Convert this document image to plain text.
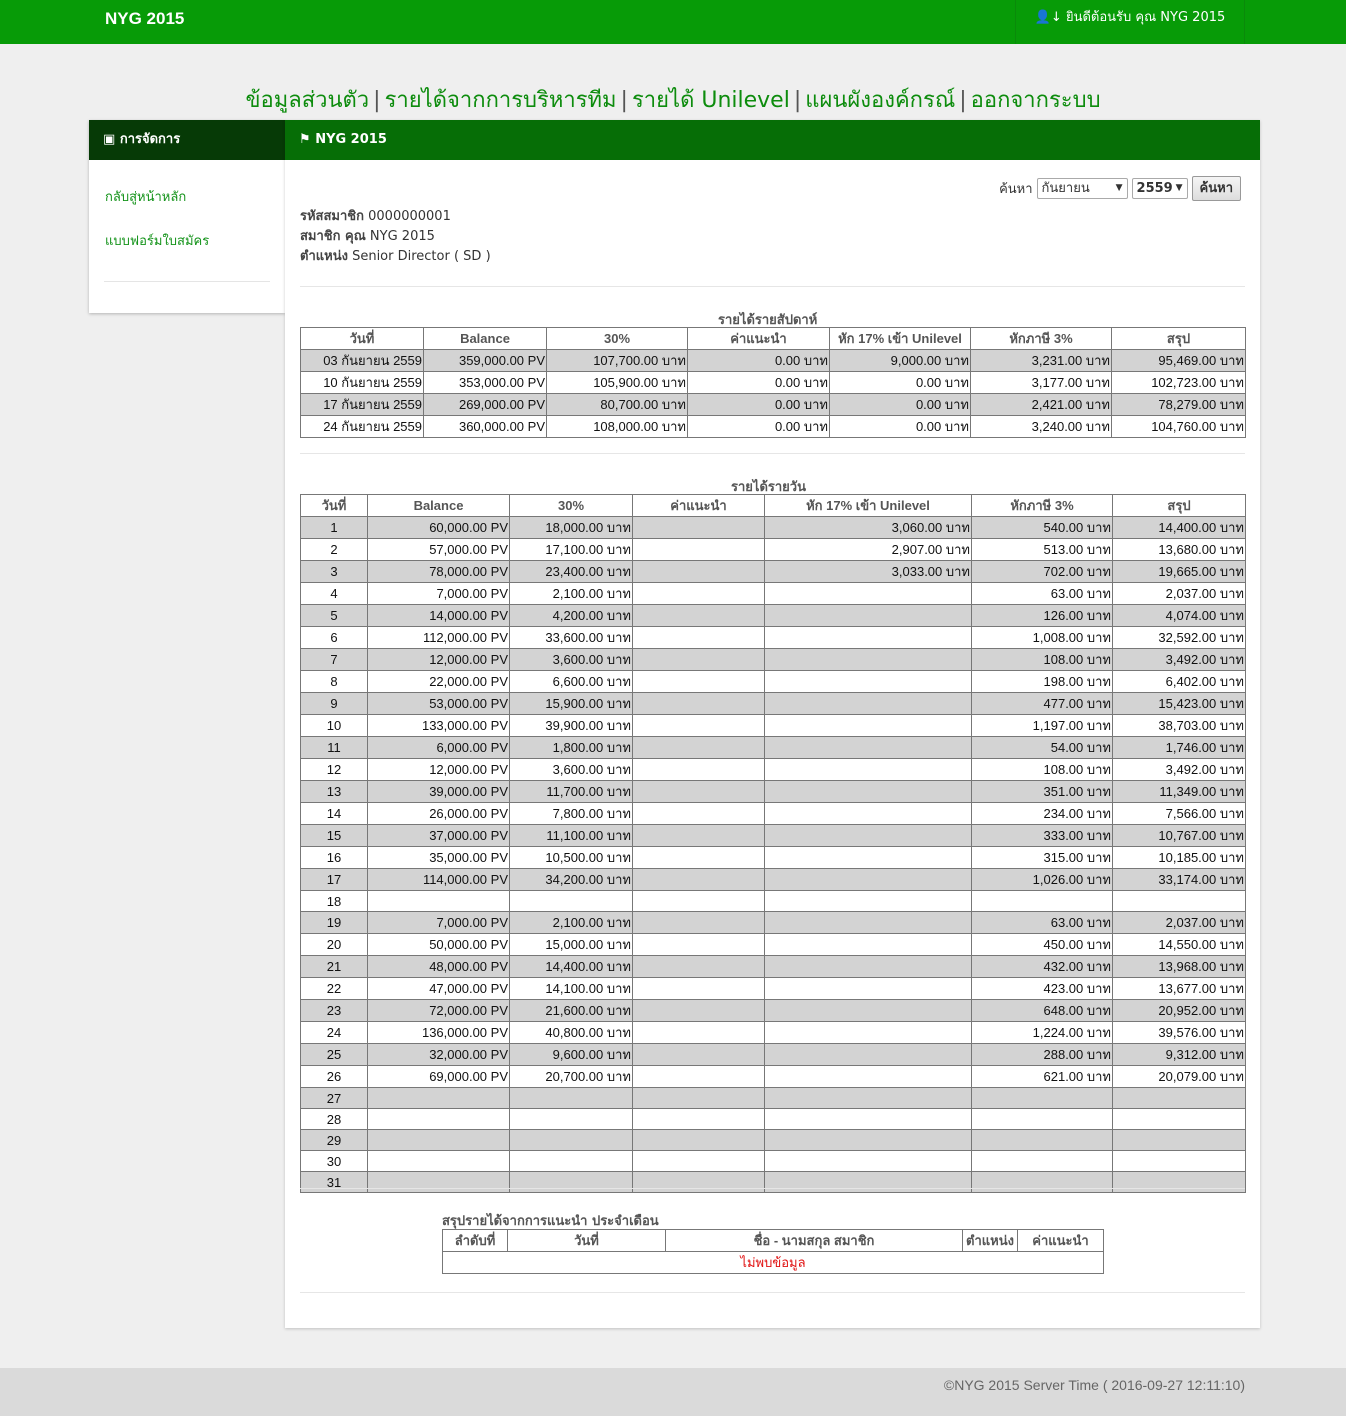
NYG 2015	👤↓ ยินดีต้อนรับ คุณ NYG 2015
ข้อมูลส่วนตัว | รายได้จากการบริหารทีม | รายได้ Unilevel | แผนผังองค์กรณ์ | ออกจากระบบ
▣ การจัดการ
กลับสู่หน้าหลัก
แบบฟอร์มใบสมัคร
⚑ NYG 2015
ค้นหา กันยายน	▼	2559 ▼	ค้นหา
รหัสสมาชิก 0000000001
สมาชิก คุณ NYG 2015
ตำแหน่ง Senior Director ( SD )
รายได้รายสัปดาห์
วันที่	Balance	30%	ค่าแนะนำ	หัก 17% เข้า Unilevel	หักภาษี 3%	สรุป
03 กันยายน 2559	359,000.00 PV	107,700.00 บาท	0.00 บาท	9,000.00 บาท	3,231.00 บาท	95,469.00 บาท
10 กันยายน 2559	353,000.00 PV	105,900.00 บาท	0.00 บาท	0.00 บาท	3,177.00 บาท	102,723.00 บาท
17 กันยายน 2559	269,000.00 PV	80,700.00 บาท	0.00 บาท	0.00 บาท	2,421.00 บาท	78,279.00 บาท
24 กันยายน 2559	360,000.00 PV	108,000.00 บาท	0.00 บาท	0.00 บาท	3,240.00 บาท	104,760.00 บาท
รายได้รายวัน
วันที่	Balance	30%	ค่าแนะนำ	หัก 17% เข้า Unilevel	หักภาษี 3%	สรุป
1	60,000.00 PV	18,000.00 บาท		3,060.00 บาท	540.00 บาท	14,400.00 บาท
2	57,000.00 PV	17,100.00 บาท		2,907.00 บาท	513.00 บาท	13,680.00 บาท
3	78,000.00 PV	23,400.00 บาท		3,033.00 บาท	702.00 บาท	19,665.00 บาท
4	7,000.00 PV	2,100.00 บาท			63.00 บาท	2,037.00 บาท
5	14,000.00 PV	4,200.00 บาท			126.00 บาท	4,074.00 บาท
6	112,000.00 PV	33,600.00 บาท			1,008.00 บาท	32,592.00 บาท
7	12,000.00 PV	3,600.00 บาท			108.00 บาท	3,492.00 บาท
8	22,000.00 PV	6,600.00 บาท			198.00 บาท	6,402.00 บาท
9	53,000.00 PV	15,900.00 บาท			477.00 บาท	15,423.00 บาท
10	133,000.00 PV	39,900.00 บาท			1,197.00 บาท	38,703.00 บาท
11	6,000.00 PV	1,800.00 บาท			54.00 บาท	1,746.00 บาท
12	12,000.00 PV	3,600.00 บาท			108.00 บาท	3,492.00 บาท
13	39,000.00 PV	11,700.00 บาท			351.00 บาท	11,349.00 บาท
14	26,000.00 PV	7,800.00 บาท			234.00 บาท	7,566.00 บาท
15	37,000.00 PV	11,100.00 บาท			333.00 บาท	10,767.00 บาท
16	35,000.00 PV	10,500.00 บาท			315.00 บาท	10,185.00 บาท
17	114,000.00 PV	34,200.00 บาท			1,026.00 บาท	33,174.00 บาท
18						
19	7,000.00 PV	2,100.00 บาท			63.00 บาท	2,037.00 บาท
20	50,000.00 PV	15,000.00 บาท			450.00 บาท	14,550.00 บาท
21	48,000.00 PV	14,400.00 บาท			432.00 บาท	13,968.00 บาท
22	47,000.00 PV	14,100.00 บาท			423.00 บาท	13,677.00 บาท
23	72,000.00 PV	21,600.00 บาท			648.00 บาท	20,952.00 บาท
24	136,000.00 PV	40,800.00 บาท			1,224.00 บาท	39,576.00 บาท
25	32,000.00 PV	9,600.00 บาท			288.00 บาท	9,312.00 บาท
26	69,000.00 PV	20,700.00 บาท			621.00 บาท	20,079.00 บาท
27						
28						
29						
30						
31						
สรุปรายได้จากการแนะนำ ประจำเดือน
ลำดับที่	วันที่	ชื่อ - นามสกุล สมาชิก	ตำแหน่ง	ค่าแนะนำ
ไม่พบข้อมูล
©NYG 2015 Server Time ( 2016-09-27 12:11:10)
